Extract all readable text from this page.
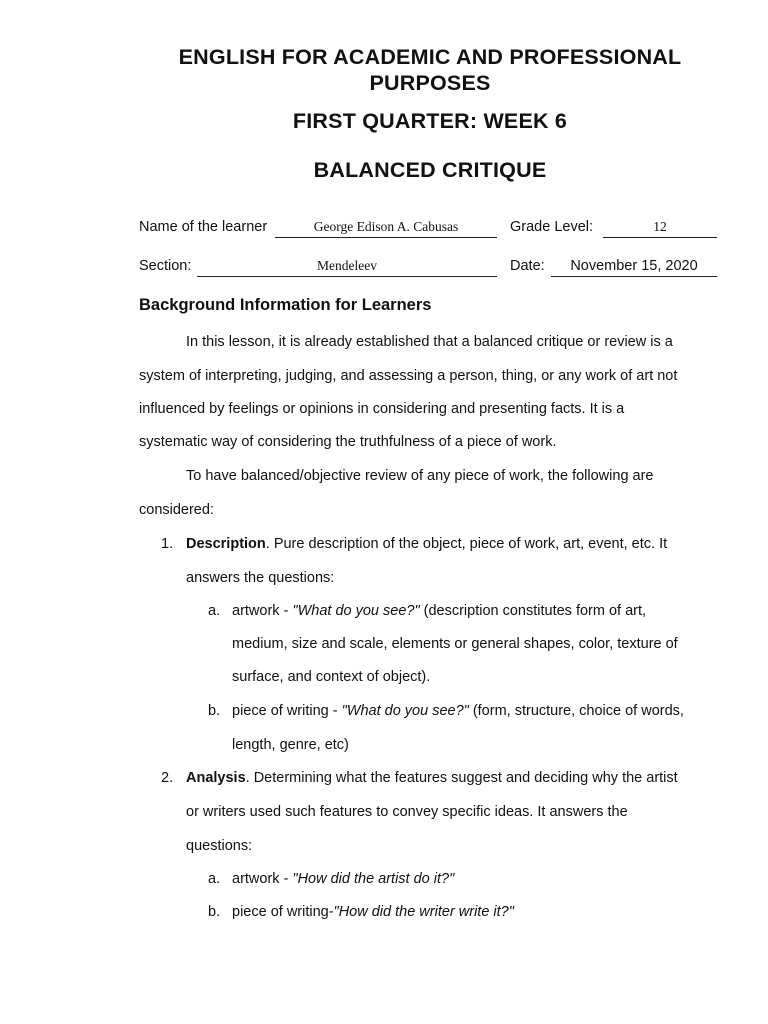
ENGLISH FOR ACADEMIC AND PROFESSIONAL
PURPOSES
FIRST QUARTER: WEEK 6
BALANCED CRITIQUE
Name of the learner	George Edison A. Cabusas	Grade Level:	12
Section:	Mendeleev	Date:	November 15, 2020
Background Information for Learners
In this lesson, it is already established that a balanced critique or review is a
system of interpreting, judging, and assessing a person, thing, or any work of art not
influenced by feelings or opinions in considering and presenting facts. It is a
systematic way of considering the truthfulness of a piece of work.
To have balanced/objective review of any piece of work, the following are
considered:
1. Description. Pure description of the object, piece of work, art, event, etc. It
answers the questions:
a. artwork - "What do you see?" (description constitutes form of art,
medium, size and scale, elements or general shapes, color, texture of
surface, and context of object).
b. piece of writing - "What do you see?" (form, structure, choice of words,
length, genre, etc)
2. Analysis. Determining what the features suggest and deciding why the artist
or writers used such features to convey specific ideas. It answers the
questions:
a. artwork - "How did the artist do it?"
b. piece of writing-"How did the writer write it?"
